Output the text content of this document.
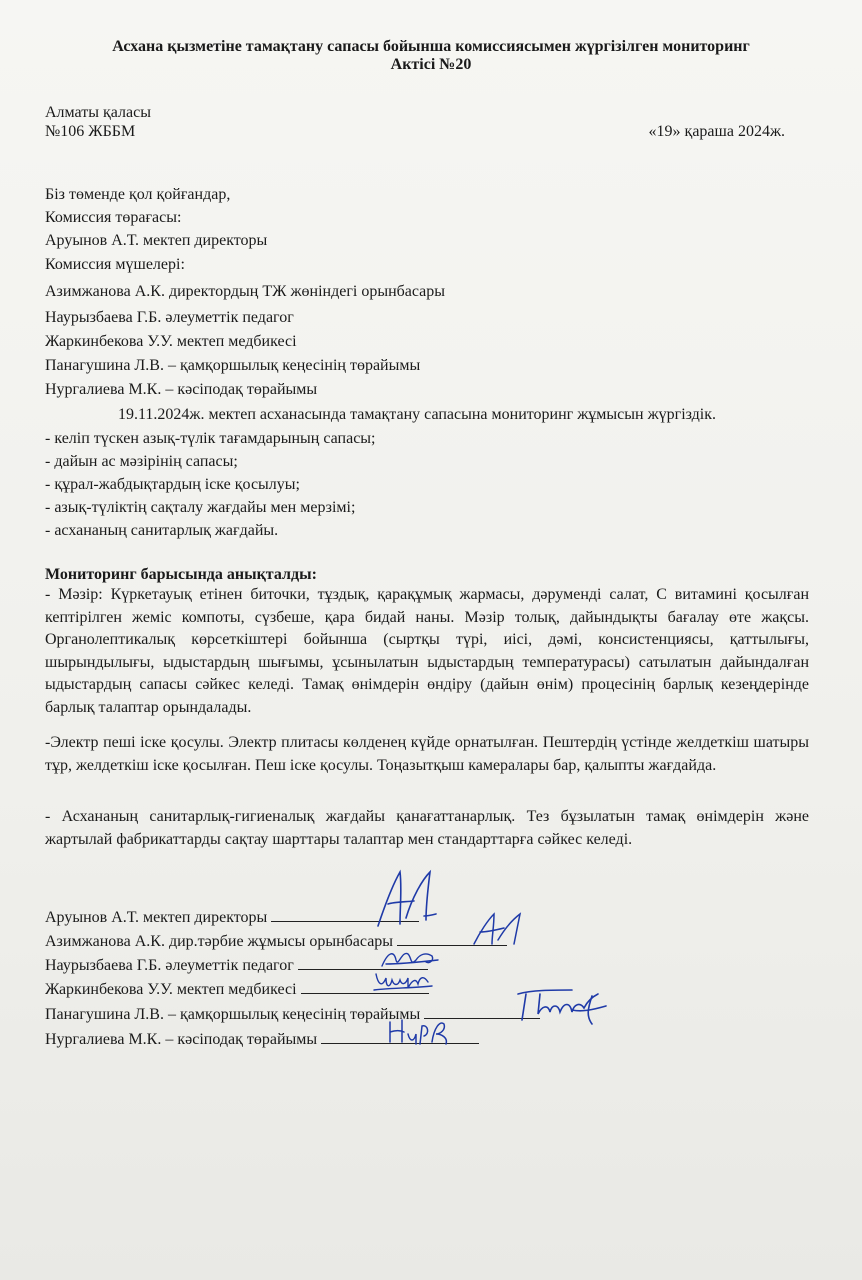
Асхана қызметіне тамақтану сапасы бойынша комиссиясымен жүргізілген мониторинг
Актісі №20
Алматы қаласы
№106 ЖББМ	«19» қараша 2024ж.
Біз төменде қол қойғандар,
Комиссия төрағасы:
Аруынов А.Т. мектеп директоры
Комиссия мүшелері:
Азимжанова А.К. директордың ТЖ жөніндегі орынбасары
Наурызбаева Г.Б. әлеуметтік педагог
Жаркинбекова У.У. мектеп медбикесі
Панагушина Л.В. – қамқоршылық кеңесінің төрайымы
Нургалиева М.К. – кәсіподақ төрайымы
19.11.2024ж. мектеп асханасында тамақтану сапасына мониторинг жұмысын жүргіздік.
- келіп түскен азық-түлік тағамдарының сапасы;
- дайын ас мәзірінің сапасы;
- құрал-жабдықтардың іске қосылуы;
- азық-түліктің сақталу жағдайы мен мерзімі;
- асхананың санитарлық жағдайы.
Мониторинг барысында анықталды:
- Мәзір: Күркетауық етінен биточки, тұздық, қарақұмық жармасы, дәрумендi салат, С витаминi қосылған кептiрiлген жемiс компоты, сүзбеше, қара бидай наны. Мәзір толық, дайындықты бағалау өте жақсы. Органолептикалық көрсеткіштері бойынша (сыртқы түрі, иісі, дәмі, консистенциясы, қаттылығы, шырындылығы, ыдыстардың шығымы, ұсынылатын ыдыстардың температурасы) сатылатын дайындалған ыдыстардың сапасы сәйкес келеді. Тамақ өнімдерін өндіру (дайын өнім) процесінің барлық кезеңдерінде барлық талаптар орындалады.
-Электр пеші іске қосулы. Электр плитасы көлденең күйде орнатылған. Пештердің үстінде желдеткіш шатыры тұр, желдеткіш іске қосылған. Пеш іске қосулы. Тоңазытқыш камералары бар, қалыпты жағдайда.
- Асхананың санитарлық-гигиеналық жағдайы қанағаттанарлық. Тез бұзылатын тамақ өнімдерін және жартылай фабрикаттарды сақтау шарттары талаптар мен стандарттарға сәйкес келеді.
Аруынов А.Т. мектеп директоры
Азимжанова А.К. дир.тәрбие жұмысы орынбасары
Наурызбаева Г.Б. әлеуметтік педагог
Жаркинбекова У.У. мектеп медбикесі
Панагушина Л.В. – қамқоршылық кеңесінің төрайымы
Нургалиева М.К. – кәсіподақ төрайымы
